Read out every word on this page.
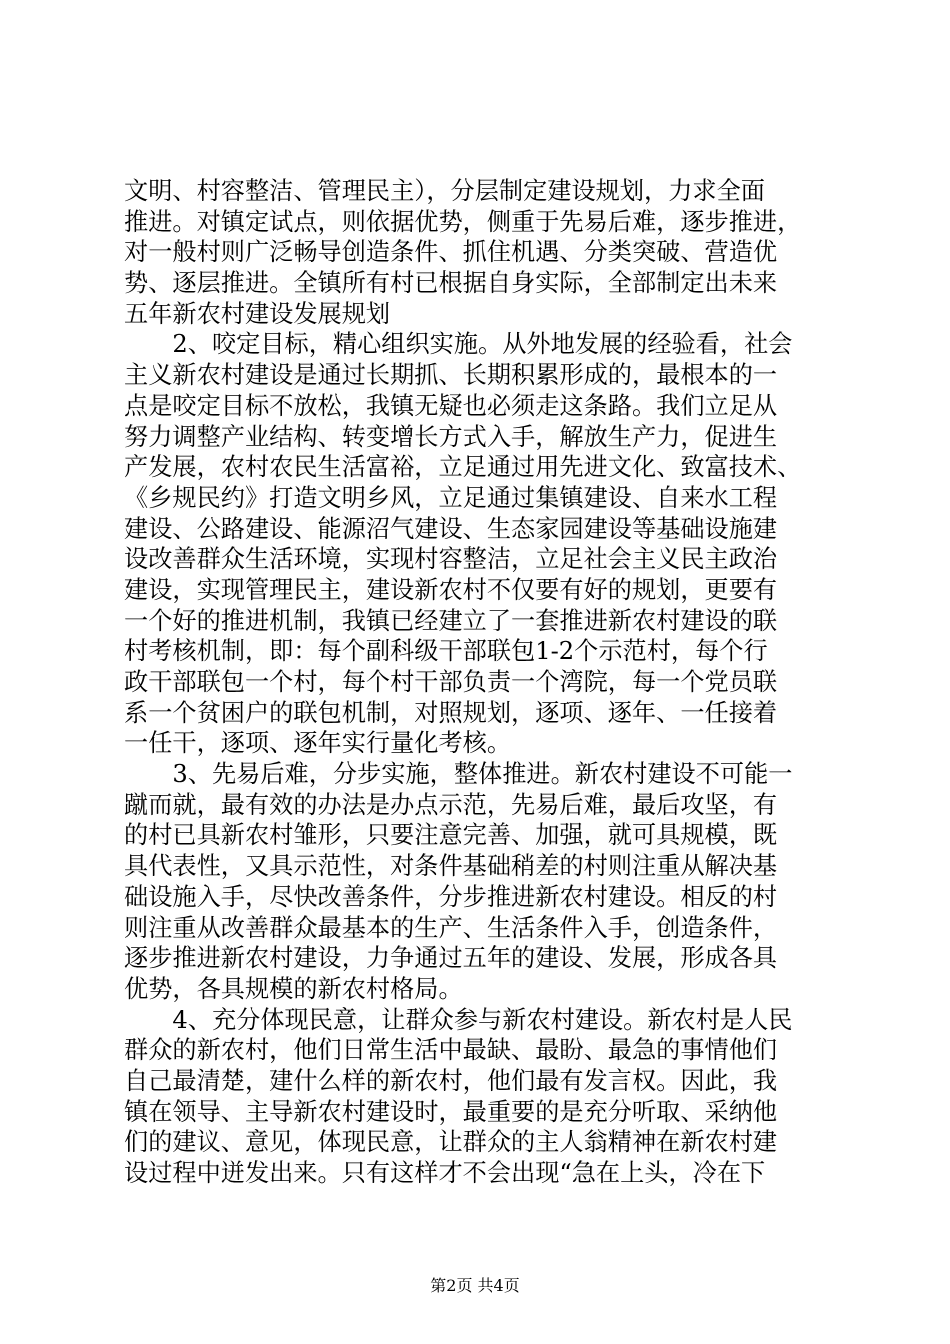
文明、村容整洁、管理民主），分层制定建设规划，力求全面
推进。对镇定试点，则依据优势，侧重于先易后难，逐步推进，
对一般村则广泛畅导创造条件、抓住机遇、分类突破、营造优
势、逐层推进。全镇所有村已根据自身实际，全部制定出未来
五年新农村建设发展规划
　　2、咬定目标，精心组织实施。从外地发展的经验看，社会
主义新农村建设是通过长期抓、长期积累形成的，最根本的一
点是咬定目标不放松，我镇无疑也必须走这条路。我们立足从
努力调整产业结构、转变增长方式入手，解放生产力，促进生
产发展，农村农民生活富裕，立足通过用先进文化、致富技术、
《乡规民约》打造文明乡风，立足通过集镇建设、自来水工程
建设、公路建设、能源沼气建设、生态家园建设等基础设施建
设改善群众生活环境，实现村容整洁，立足社会主义民主政治
建设，实现管理民主，建设新农村不仅要有好的规划，更要有
一个好的推进机制，我镇已经建立了一套推进新农村建设的联
村考核机制，即：每个副科级干部联包1-2个示范村，每个行
政干部联包一个村，每个村干部负责一个湾院，每一个党员联
系一个贫困户的联包机制，对照规划，逐项、逐年、一任接着
一任干，逐项、逐年实行量化考核。
　　3、先易后难，分步实施，整体推进。新农村建设不可能一
蹴而就，最有效的办法是办点示范，先易后难，最后攻坚，有
的村已具新农村雏形，只要注意完善、加强，就可具规模，既
具代表性，又具示范性，对条件基础稍差的村则注重从解决基
础设施入手，尽快改善条件，分步推进新农村建设。相反的村
则注重从改善群众最基本的生产、生活条件入手，创造条件，
逐步推进新农村建设，力争通过五年的建设、发展，形成各具
优势，各具规模的新农村格局。
　　4、充分体现民意，让群众参与新农村建设。新农村是人民
群众的新农村，他们日常生活中最缺、最盼、最急的事情他们
自己最清楚，建什么样的新农村，他们最有发言权。因此，我
镇在领导、主导新农村建设时，最重要的是充分听取、采纳他
们的建议、意见，体现民意，让群众的主人翁精神在新农村建
设过程中迸发出来。只有这样才不会出现“急在上头，冷在下
第2页 共4页
